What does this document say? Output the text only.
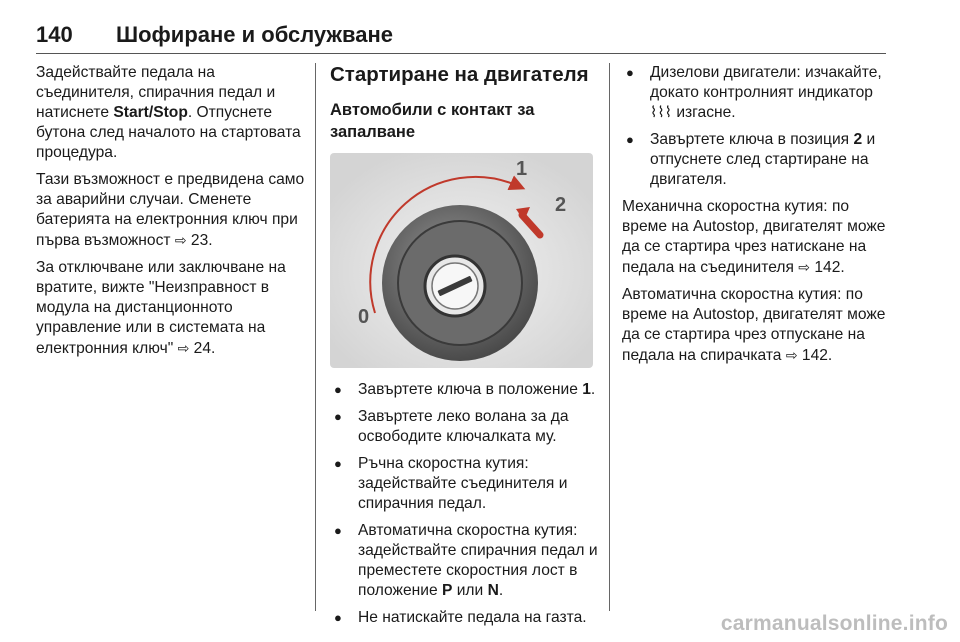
140 Шофиране и обслужване

Задействайте педала на съединителя, спирачния педал и натиснете Start/Stop. Отпуснете бутона след началото на стартовата процедура.

Тази възможност е предвидена само за аварийни случаи. Сменете батерията на електронния ключ при първа възможност ⇨ 23.

За отключване или заключване на вратите, вижте "Неизправност в модула на дистанционното управление или в системата на електронния ключ" ⇨ 24.

Стартиране на двигателя
Автомобили с контакт за запалване
0
1
2
● Завъртете ключа в положение 1.
● Завъртете леко волана за да освободите ключалката му.
● Ръчна скоростна кутия: задействайте съединителя и спирачния педал.
● Автоматична скоростна кутия: задействайте спирачния педал и преместете скоростния лост в положение P или N.
● Не натискайте педала на газта.
● Дизелови двигатели: изчакайте, докато контролният индикатор ⌇⌇⌇ изгасне.
● Завъртете ключа в позиция 2 и отпуснете след стартиране на двигателя.

Механична скоростна кутия: по време на Autostop, двигателят може да се стартира чрез натискане на педала на съединителя ⇨ 142.

Автоматична скоростна кутия: по време на Autostop, двигателят може да се стартира чрез отпускане на педала на спирачката ⇨ 142.

carmanualsonline.info
